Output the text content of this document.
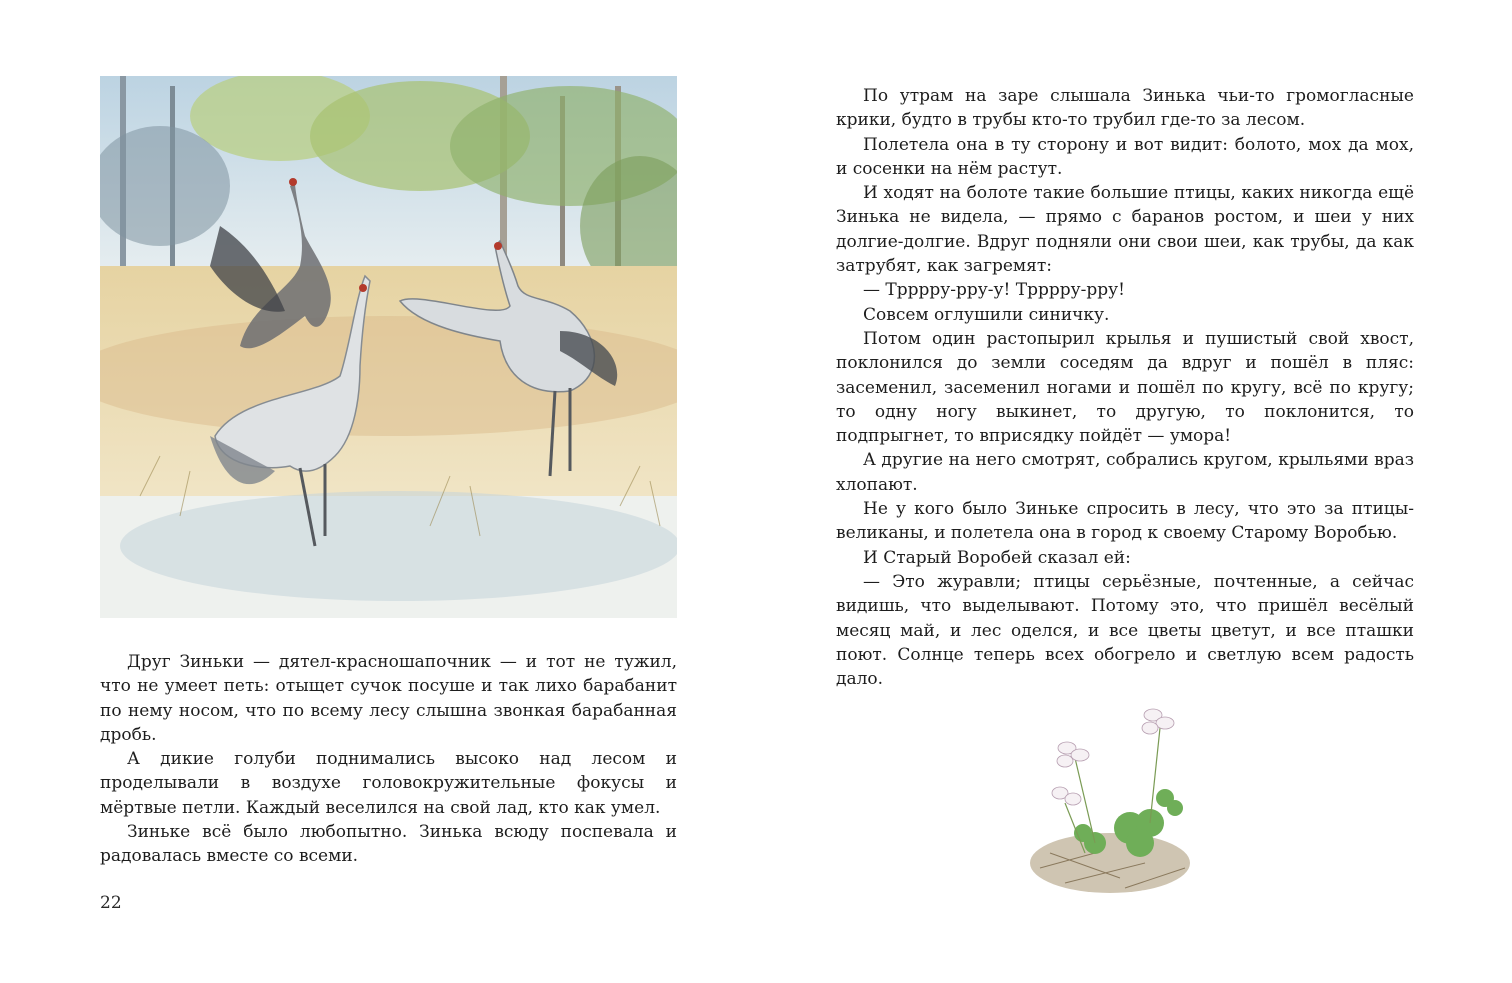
Друг Зиньки — дятел-красношапочник — и тот не тужил, что не умеет петь: отыщет сучок посуше и так лихо барабанит по нему носом, что по всему лесу слышна звонкая барабанная дробь.

А дикие голуби поднимались высоко над лесом и проделывали в воздухе головокружительные фокусы и мёртвые петли. Каждый веселился на свой лад, кто как умел.

Зиньке всё было любопытно. Зинька всюду поспевала и радовалась вместе со всеми.

22

По утрам на заре слышала Зинька чьи-то громогласные крики, будто в трубы кто-то трубил где-то за лесом.

Полетела она в ту сторону и вот видит: болото, мох да мох, и сосенки на нём растут.

И ходят на болоте такие большие птицы, каких никогда ещё Зинька не видела, — прямо с баранов ростом, и шеи у них долгие-долгие. Вдруг подняли они свои шеи, как трубы, да как затрубят, как загремят:

— Трррру-рру-у! Трррру-рру!

Совсем оглушили синичку.

Потом один растопырил крылья и пушистый свой хвост, поклонился до земли соседям да вдруг и пошёл в пляс: засеменил, засеменил ногами и пошёл по кругу, всё по кругу; то одну ногу выкинет, то другую, то поклонится, то подпрыгнет, то вприсядку пойдёт — умора!

А другие на него смотрят, собрались кругом, крыльями враз хлопают.

Не у кого было Зиньке спросить в лесу, что это за птицы-великаны, и полетела она в город к своему Старому Воробью.

И Старый Воробей сказал ей:

— Это журавли; птицы серьёзные, почтенные, а сейчас видишь, что выделывают. Потому это, что пришёл весёлый месяц май, и лес оделся, и все цветы цветут, и все пташки поют. Солнце теперь всех обогрело и светлую всем радость дало.
